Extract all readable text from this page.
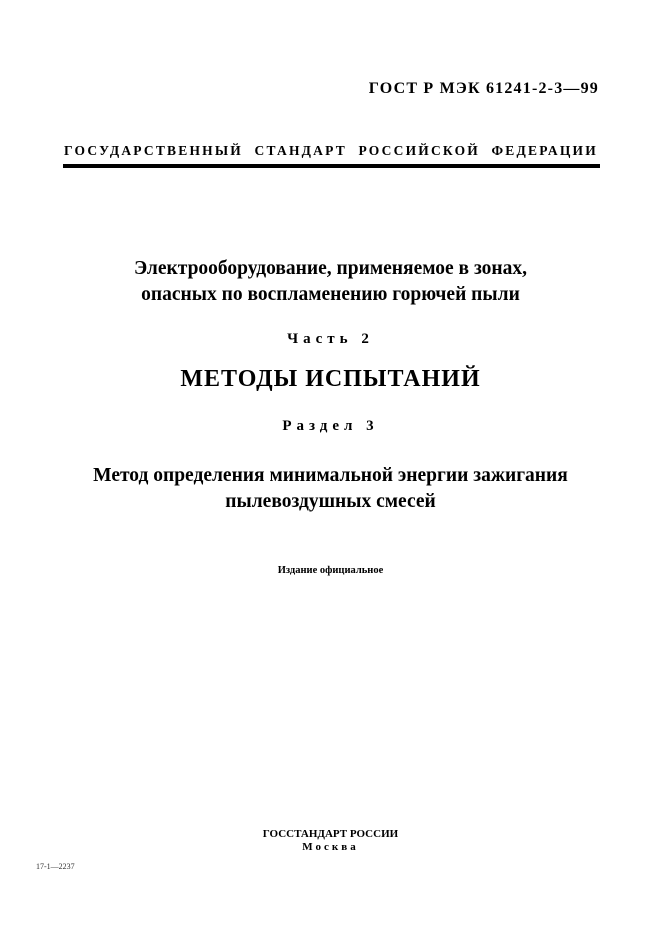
ГОСТ Р МЭК 61241-2-3—99
ГОСУДАРСТВЕННЫЙ СТАНДАРТ РОССИЙСКОЙ ФЕДЕРАЦИИ
Электрооборудование, применяемое в зонах,
опасных по воспламенению горючей пыли
Часть 2
МЕТОДЫ ИСПЫТАНИЙ
Раздел 3
Метод определения минимальной энергии зажигания
пылевоздушных смесей
Издание официальное
ГОССТАНДАРТ РОССИИ
Москва
17-1—2237
